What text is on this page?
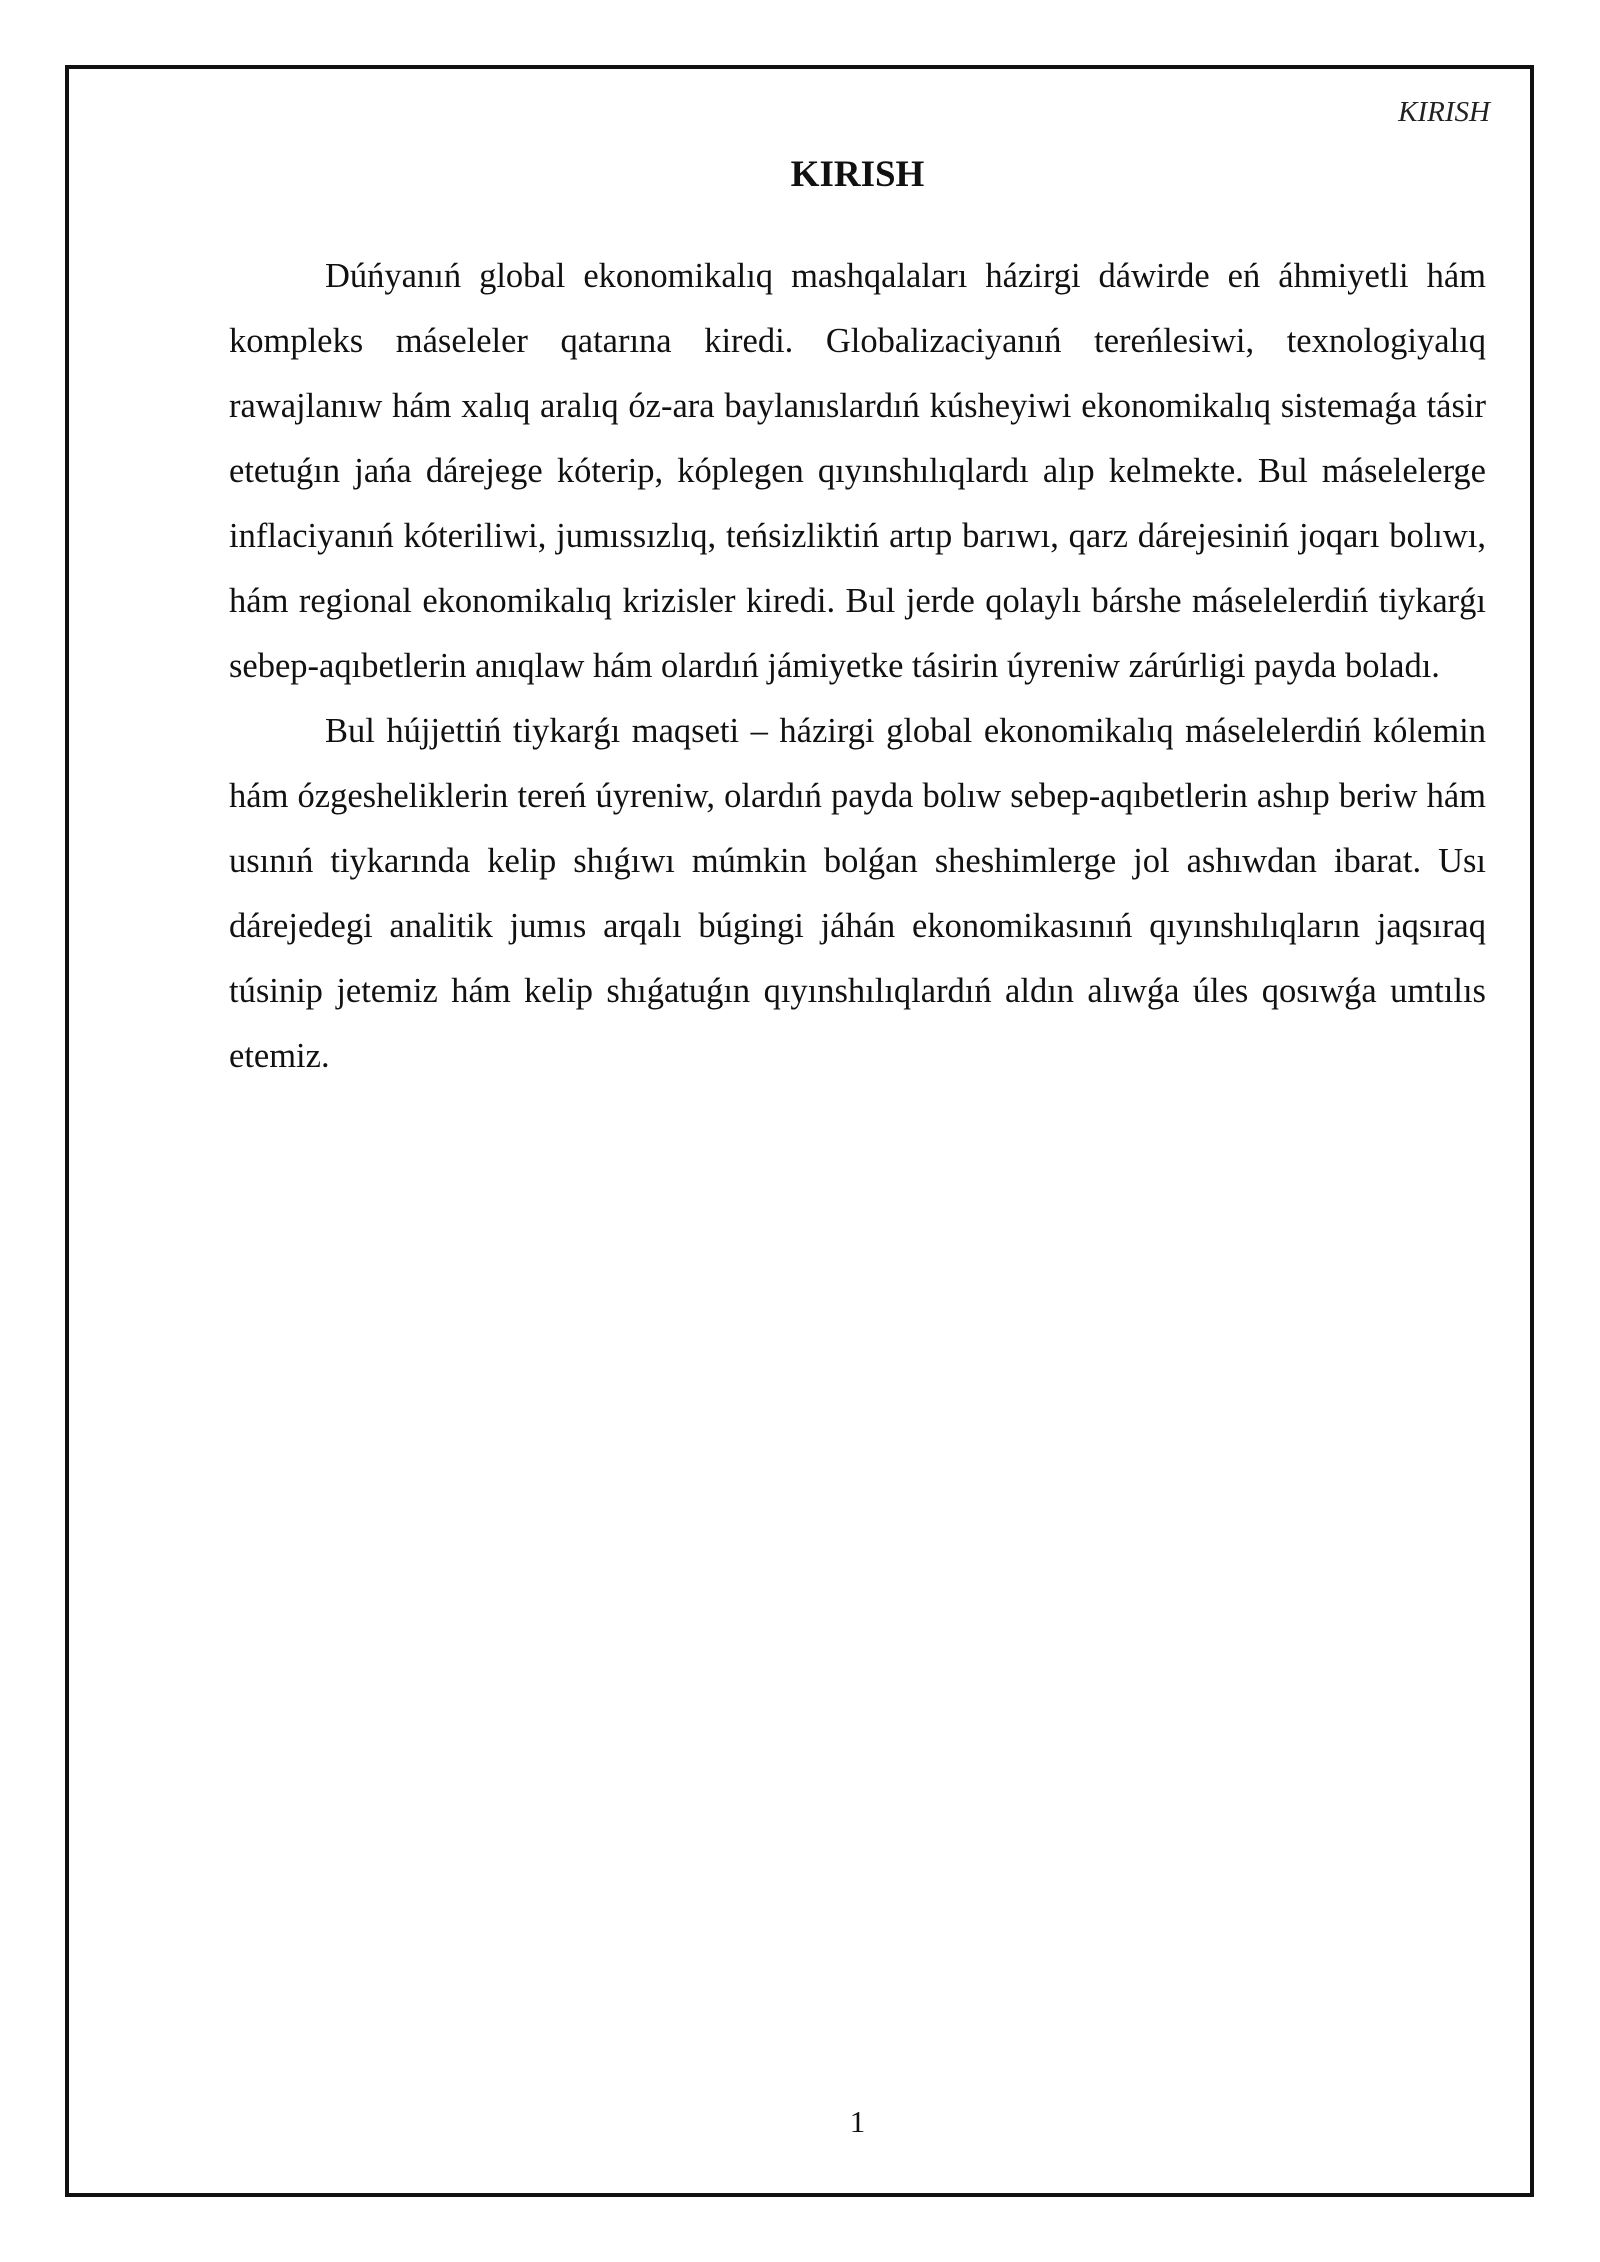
KIRISH
KIRISH

Dúńyanıń global ekonomikalıq mashqalaları házirgi dáwirde eń áhmiyetli hám kompleks máseleler qatarına kiredi. Globalizaciyanıń tereńlesiwi, texnologiyalıq rawajlanıw hám xalıq aralıq óz-ara baylanıslardıń kúsheyiwi ekonomikalıq sistemaǵa tásir etetuǵın jańa dárejege kóterip, kóplegen qıyınshılıqlardı alıp kelmekte. Bul máselelerge inflaciyanıń kóteriliwi, jumıssızlıq, teńsizliktiń artıp barıwı, qarz dárejesiniń joqarı bolıwı, hám regional ekonomikalıq krizisler kiredi. Bul jerde qolaylı bárshe máselelerdiń tiykarǵı sebep-aqıbetlerin anıqlaw hám olardıń jámiyetke tásirin úyreniw zárúrligi payda boladı.

Bul hújjettiń tiykarǵı maqseti – házirgi global ekonomikalıq máselelerdiń kólemin hám ózgesheliklerin tereń úyreniw, olardıń payda bolıw sebep-aqıbetlerin ashıp beriw hám usınıń tiykarında kelip shıǵıwı múmkin bolǵan sheshimlerge jol ashıwdan ibarat. Usı dárejedegi analitik jumıs arqalı búgingi jáhán ekonomikasınıń qıyınshılıqların jaqsıraq túsinip jetemiz hám kelip shıǵatuǵın qıyınshılıqlardıń aldın alıwǵa úles qosıwǵa umtılıs etemiz.

1
